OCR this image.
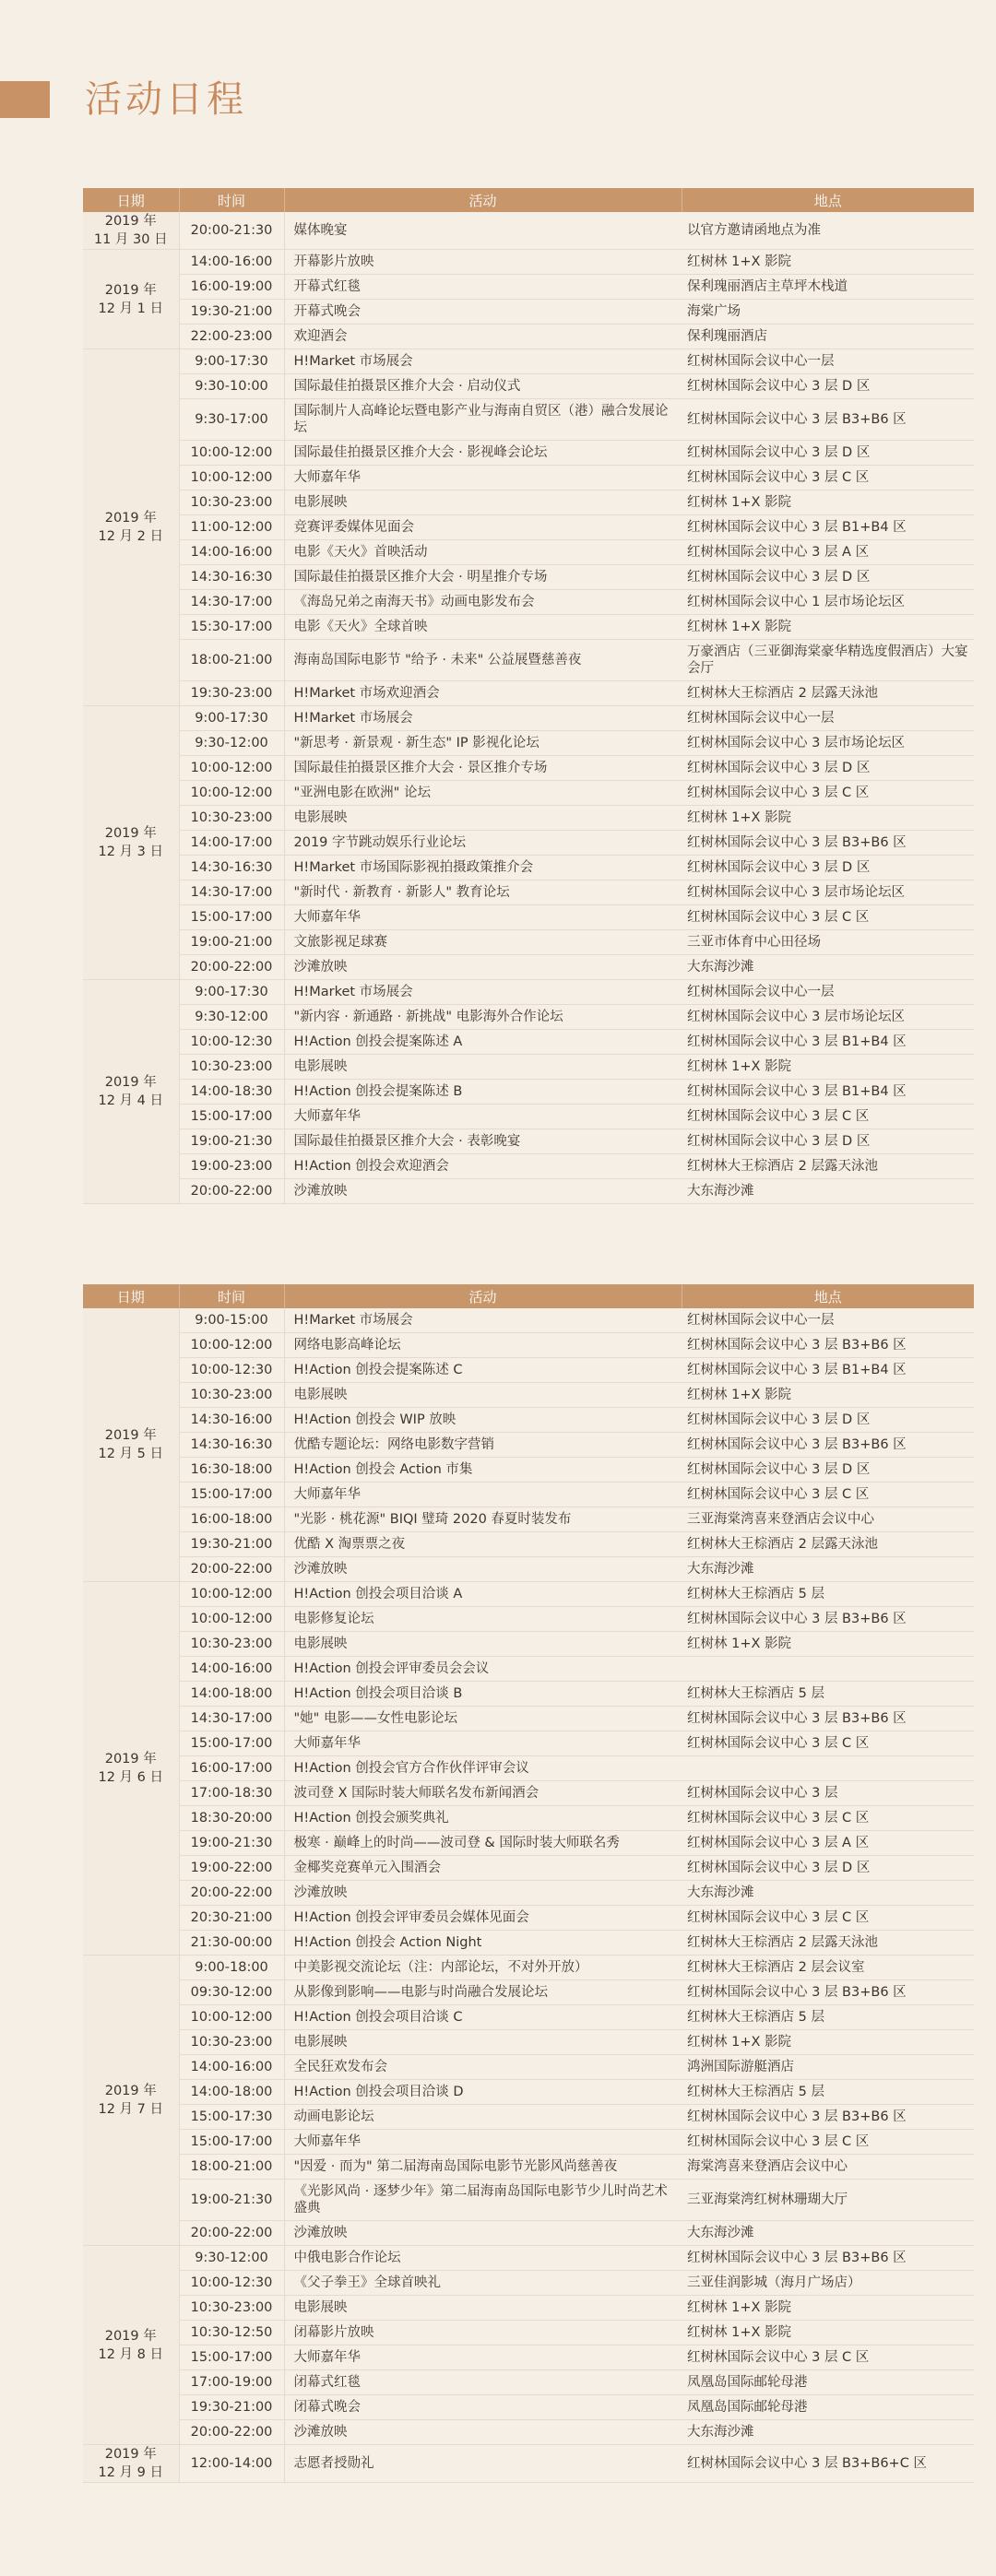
活动日程
日期	时间	活动	地点

2019 年
11 月 30 日	20:00-21:30	媒体晚宴	以官方邀请函地点为准

2019 年
12 月 1 日	14:00-16:00	开幕影片放映	红树林 1+X 影院
	16:00-19:00	开幕式红毯	保利瑰丽酒店主草坪木栈道
	19:30-21:00	开幕式晚会	海棠广场
	22:00-23:00	欢迎酒会	保利瑰丽酒店

2019 年
12 月 2 日	9:00-17:30	H!Market 市场展会	红树林国际会议中心一层
	9:30-10:00	国际最佳拍摄景区推介大会 · 启动仪式	红树林国际会议中心 3 层 D 区
	9:30-17:00	国际制片人高峰论坛暨电影产业与海南自贸区（港）融合发展论坛	红树林国际会议中心 3 层 B3+B6 区
	10:00-12:00	国际最佳拍摄景区推介大会 · 影视峰会论坛	红树林国际会议中心 3 层 D 区
	10:00-12:00	大师嘉年华	红树林国际会议中心 3 层 C 区
	10:30-23:00	电影展映	红树林 1+X 影院
	11:00-12:00	竞赛评委媒体见面会	红树林国际会议中心 3 层 B1+B4 区
	14:00-16:00	电影《天火》首映活动	红树林国际会议中心 3 层 A 区
	14:30-16:30	国际最佳拍摄景区推介大会 · 明星推介专场	红树林国际会议中心 3 层 D 区
	14:30-17:00	《海岛兄弟之南海天书》动画电影发布会	红树林国际会议中心 1 层市场论坛区
	15:30-17:00	电影《天火》全球首映	红树林 1+X 影院
	18:00-21:00	海南岛国际电影节 "给予 · 未来" 公益展暨慈善夜	万豪酒店（三亚御海棠豪华精选度假酒店）大宴会厅
	19:30-23:00	H!Market 市场欢迎酒会	红树林大王棕酒店 2 层露天泳池

2019 年
12 月 3 日	9:00-17:30	H!Market 市场展会	红树林国际会议中心一层
	9:30-12:00	"新思考 · 新景观 · 新生态" IP 影视化论坛	红树林国际会议中心 3 层市场论坛区
	10:00-12:00	国际最佳拍摄景区推介大会 · 景区推介专场	红树林国际会议中心 3 层 D 区
	10:00-12:00	"亚洲电影在欧洲" 论坛	红树林国际会议中心 3 层 C 区
	10:30-23:00	电影展映	红树林 1+X 影院
	14:00-17:00	2019 字节跳动娱乐行业论坛	红树林国际会议中心 3 层 B3+B6 区
	14:30-16:30	H!Market 市场国际影视拍摄政策推介会	红树林国际会议中心 3 层 D 区
	14:30-17:00	"新时代 · 新教育 · 新影人" 教育论坛	红树林国际会议中心 3 层市场论坛区
	15:00-17:00	大师嘉年华	红树林国际会议中心 3 层 C 区
	19:00-21:00	文旅影视足球赛	三亚市体育中心田径场
	20:00-22:00	沙滩放映	大东海沙滩

2019 年
12 月 4 日	9:00-17:30	H!Market 市场展会	红树林国际会议中心一层
	9:30-12:00	"新内容 · 新通路 · 新挑战" 电影海外合作论坛	红树林国际会议中心 3 层市场论坛区
	10:00-12:30	H!Action 创投会提案陈述 A	红树林国际会议中心 3 层 B1+B4 区
	10:30-23:00	电影展映	红树林 1+X 影院
	14:00-18:30	H!Action 创投会提案陈述 B	红树林国际会议中心 3 层 B1+B4 区
	15:00-17:00	大师嘉年华	红树林国际会议中心 3 层 C 区
	19:00-21:30	国际最佳拍摄景区推介大会 · 表彰晚宴	红树林国际会议中心 3 层 D 区
	19:00-23:00	H!Action 创投会欢迎酒会	红树林大王棕酒店 2 层露天泳池
	20:00-22:00	沙滩放映	大东海沙滩
日期	时间	活动	地点

2019 年
12 月 5 日	9:00-15:00	H!Market 市场展会	红树林国际会议中心一层
	10:00-12:00	网络电影高峰论坛	红树林国际会议中心 3 层 B3+B6 区
	10:00-12:30	H!Action 创投会提案陈述 C	红树林国际会议中心 3 层 B1+B4 区
	10:30-23:00	电影展映	红树林 1+X 影院
	14:30-16:00	H!Action 创投会 WIP 放映	红树林国际会议中心 3 层 D 区
	14:30-16:30	优酷专题论坛：网络电影数字营销	红树林国际会议中心 3 层 B3+B6 区
	16:30-18:00	H!Action 创投会 Action 市集	红树林国际会议中心 3 层 D 区
	15:00-17:00	大师嘉年华	红树林国际会议中心 3 层 C 区
	16:00-18:00	"光影 · 桃花源" BIQI 璧琦 2020 春夏时装发布	三亚海棠湾喜来登酒店会议中心
	19:30-21:00	优酷 X 淘票票之夜	红树林大王棕酒店 2 层露天泳池
	20:00-22:00	沙滩放映	大东海沙滩

2019 年
12 月 6 日	10:00-12:00	H!Action 创投会项目洽谈 A	红树林大王棕酒店 5 层
	10:00-12:00	电影修复论坛	红树林国际会议中心 3 层 B3+B6 区
	10:30-23:00	电影展映	红树林 1+X 影院
	14:00-16:00	H!Action 创投会评审委员会会议	
	14:00-18:00	H!Action 创投会项目洽谈 B	红树林大王棕酒店 5 层
	14:30-17:00	"她" 电影——女性电影论坛	红树林国际会议中心 3 层 B3+B6 区
	15:00-17:00	大师嘉年华	红树林国际会议中心 3 层 C 区
	16:00-17:00	H!Action 创投会官方合作伙伴评审会议	
	17:00-18:30	波司登 X 国际时装大师联名发布新闻酒会	红树林国际会议中心 3 层
	18:30-20:00	H!Action 创投会颁奖典礼	红树林国际会议中心 3 层 C 区
	19:00-21:30	极寒 · 巅峰上的时尚——波司登 & 国际时装大师联名秀	红树林国际会议中心 3 层 A 区
	19:00-22:00	金椰奖竞赛单元入围酒会	红树林国际会议中心 3 层 D 区
	20:00-22:00	沙滩放映	大东海沙滩
	20:30-21:00	H!Action 创投会评审委员会媒体见面会	红树林国际会议中心 3 层 C 区
	21:30-00:00	H!Action 创投会 Action Night	红树林大王棕酒店 2 层露天泳池

2019 年
12 月 7 日	9:00-18:00	中美影视交流论坛（注：内部论坛，不对外开放）	红树林大王棕酒店 2 层会议室
	09:30-12:00	从影像到影响——电影与时尚融合发展论坛	红树林国际会议中心 3 层 B3+B6 区
	10:00-12:00	H!Action 创投会项目洽谈 C	红树林大王棕酒店 5 层
	10:30-23:00	电影展映	红树林 1+X 影院
	14:00-16:00	全民狂欢发布会	鸿洲国际游艇酒店
	14:00-18:00	H!Action 创投会项目洽谈 D	红树林大王棕酒店 5 层
	15:00-17:30	动画电影论坛	红树林国际会议中心 3 层 B3+B6 区
	15:00-17:00	大师嘉年华	红树林国际会议中心 3 层 C 区
	18:00-21:00	"因爱 · 而为" 第二届海南岛国际电影节光影风尚慈善夜	海棠湾喜来登酒店会议中心
	19:00-21:30	《光影风尚 · 逐梦少年》第二届海南岛国际电影节少儿时尚艺术盛典	三亚海棠湾红树林珊瑚大厅
	20:00-22:00	沙滩放映	大东海沙滩

2019 年
12 月 8 日	9:30-12:00	中俄电影合作论坛	红树林国际会议中心 3 层 B3+B6 区
	10:00-12:30	《父子拳王》全球首映礼	三亚佳润影城（海月广场店）
	10:30-23:00	电影展映	红树林 1+X 影院
	10:30-12:50	闭幕影片放映	红树林 1+X 影院
	15:00-17:00	大师嘉年华	红树林国际会议中心 3 层 C 区
	17:00-19:00	闭幕式红毯	凤凰岛国际邮轮母港
	19:30-21:00	闭幕式晚会	凤凰岛国际邮轮母港
	20:00-22:00	沙滩放映	大东海沙滩

2019 年
12 月 9 日	12:00-14:00	志愿者授勋礼	红树林国际会议中心 3 层 B3+B6+C 区
